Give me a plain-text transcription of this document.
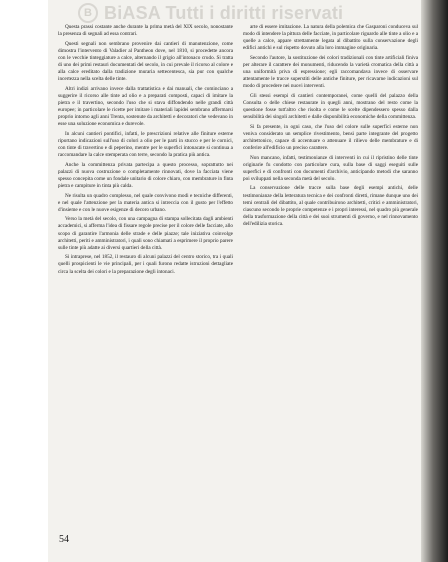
B BiASA Tutti i diritti riservati

Questa prassi costante anche durante la prima metà del XIX secolo, nonostante la presenza di segnali ad essa contrari.

Questi segnali non sembrano provenire dai cantieri di manutenzione, come dimostra l'intervento di Valadier al Pantheon dove, nel 1810, si procedette ancora con le vecchie tinteggiature a calce, alternando il grigio all'intonaco crudo. Si tratta di uno dei primi restauri documentati del secolo, in cui prevale il ricorso al colore e alla calce ereditato dalla tradizione muraria settecentesca, sia pur con qualche incertezza nella scelta delle tinte.

Altri indizi arrivano invece dalla trattatistica e dai manuali, che cominciano a suggerire il ricorso alle tinte ad olio e a preparati composti, capaci di imitare la pietra e il travertino, secondo l'uso che si stava diffondendo nelle grandi città europee; in particolare le ricette per imitare i materiali lapidei sembrano affermarsi proprio intorno agli anni Trenta, sostenute da architetti e decoratori che vedevano in esse una soluzione economica e durevole.

In alcuni cantieri pontifici, infatti, le prescrizioni relative alle finiture esterne riportano indicazioni sull'uso di colori a olio per le parti in stucco e per le cornici, con tinte di travertino e di peperino, mentre per le superfici intonacate si continua a raccomandare la calce stemperata con terre, secondo la pratica più antica.

Anche la committenza privata partecipa a questo processo, soprattutto nei palazzi di nuova costruzione o completamente rinnovati, dove la facciata viene spesso concepita come un fondale unitario di colore chiaro, con membrature in finta pietra e campiture in tinta più calda.

Ne risulta un quadro complesso, nel quale convivono modi e tecniche differenti, e nel quale l'attenzione per la materia antica si intreccia con il gusto per l'effetto d'insieme e con le nuove esigenze di decoro urbano.

Verso la metà del secolo, con una campagna di stampa sollecitata dagli ambienti accademici, si afferma l'idea di fissare regole precise per il colore delle facciate, allo scopo di garantire l'armonia delle strade e delle piazze; tale iniziativa coinvolge architetti, periti e amministratori, i quali sono chiamati a esprimere il proprio parere sulle tinte più adatte ai diversi quartieri della città.

Si intraprese, nel 1852, il restauro di alcuni palazzi del centro storico, tra i quali quelli prospicienti le vie principali, per i quali furono redatte istruzioni dettagliate circa la scelta dei colori e la preparazione degli intonaci.

arte di essere imitazione. La natura della polemica che Gasparoni conduceva sul modo di intendere la pittura delle facciate, in particolare riguardo alle tinte a olio e a quelle a calce, appare strettamente legata al dibattito sulla conservazione degli edifici antichi e sul rispetto dovuto alla loro immagine originaria.

Secondo l'autore, la sostituzione dei colori tradizionali con tinte artificiali finiva per alterare il carattere dei monumenti, riducendo la varietà cromatica della città a una uniformità priva di espressione; egli raccomandava invece di osservare attentamente le tracce superstiti delle antiche finiture, per ricavarne indicazioni sul modo di procedere nei nuovi interventi.

Gli stessi esempi di cantieri contemporanei, come quelli del palazzo della Consulta o delle chiese restaurate in quegli anni, mostrano del resto come la questione fosse tutt'altro che risolta e come le scelte dipendessero spesso dalla sensibilità dei singoli architetti e dalle disponibilità economiche della committenza.

Si fa presente, in ogni caso, che l'uso del colore sulle superfici esterne non veniva considerato un semplice rivestimento, bensì parte integrante del progetto architettonico, capace di accentuare o attenuare il rilievo delle membrature e di conferire all'edificio un preciso carattere.

Non mancano, infatti, testimonianze di interventi in cui il ripristino delle tinte originarie fu condotto con particolare cura, sulla base di saggi eseguiti sulle superfici e di confronti con documenti d'archivio, anticipando metodi che saranno poi sviluppati nella seconda metà del secolo.

La conservazione delle tracce sulla base degli esempi antichi, delle testimonianze della letteratura tecnica e dei confronti diretti, rimane dunque uno dei temi centrali del dibattito, al quale contribuirono architetti, critici e amministratori, ciascuno secondo le proprie competenze e i propri interessi, nel quadro più generale della trasformazione della città e dei suoi strumenti di governo, e nel rinnovamento dell'edilizia storica.

54
